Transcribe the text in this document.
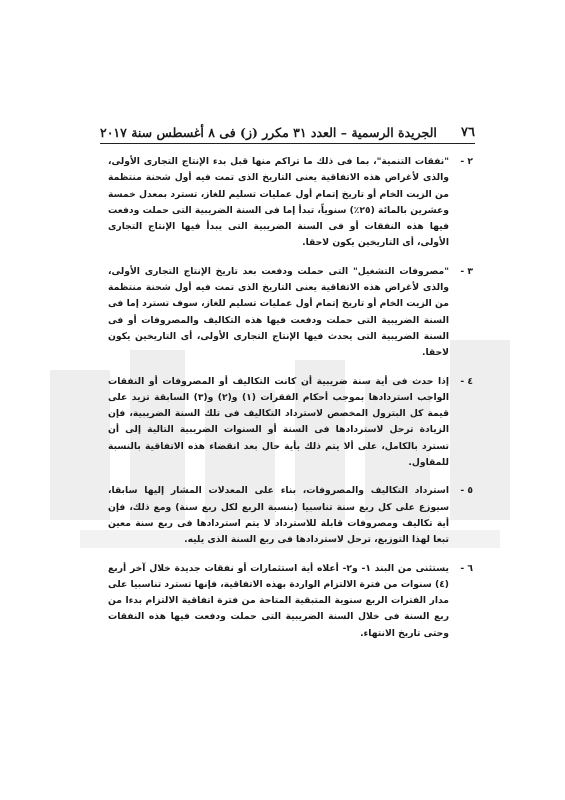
٧٦
الجريدة الرسمية – العدد ٣١ مكرر (ز) فى ٨ أغسطس سنة ٢٠١٧
٢ -
"نفقات التنمية"، بما فى ذلك ما تراكم منها قبل بدء الإنتاج التجارى الأولى، والذى لأغراض هذه الاتفاقية يعنى التاريخ الذى تمت فيه أول شحنة منتظمة من الزيت الخام أو تاريخ إتمام أول عمليات تسليم للغاز، تسترد بمعدل خمسة وعشرين بالمائة (٢٥٪) سنوياً، تبدأ إما فى السنة الضريبية التى حملت ودفعت فيها هذه النفقات أو فى السنة الضريبية التى يبدأ فيها الإنتاج التجارى الأولى، أى التاريخين يكون لاحقا.
٣ -
"مصروفات التشغيل" التى حملت ودفعت بعد تاريخ الإنتاج التجارى الأولى، والذى لأغراض هذه الاتفاقية يعنى التاريخ الذى تمت فيه أول شحنة منتظمة من الزيت الخام أو تاريخ إتمام أول عمليات تسليم للغاز، سوف تسترد إما فى السنة الضريبية التى حملت ودفعت فيها هذه التكاليف والمصروفات أو فى السنة الضريبية التى يحدث فيها الإنتاج التجارى الأولى، أى التاريخين يكون لاحقا.
٤ -
إذا حدث فى أية سنة ضريبية أن كانت التكاليف أو المصروفات أو النفقات الواجب استردادها بموجب أحكام الفقرات (١) و(٢) و(٣) السابقة تزيد على قيمة كل البترول المخصص لاسترداد التكاليف فى تلك السنة الضريبية، فإن الزيادة ترحل لاستردادها فى السنة أو السنوات الضريبية التالية إلى أن تسترد بالكامل، على ألا يتم ذلك بأية حال بعد انقضاء هذه الاتفاقية بالنسبة للمقاول.
٥ -
استرداد التكاليف والمصروفات، بناء على المعدلات المشار إليها سابقا، سيوزع على كل ربع سنة تناسبيا (بنسبة الربع لكل ربع سنة) ومع ذلك، فإن أية تكاليف ومصروفات قابلة للاسترداد لا يتم استردادها فى ربع سنة معين تبعا لهذا التوزيع، ترحل لاستردادها فى ربع السنة الذى يليه.
٦ -
يستثنى من البند ١- و٢- أعلاه أية استثمارات أو نفقات جديدة خلال آخر أربع (٤) سنوات من فترة الالتزام الواردة بهذه الاتفاقية، فإنها تسترد تناسبيا على مدار الفترات الربع سنوية المتبقية المتاحة من فترة اتفاقية الالتزام بدءا من ربع السنة فى خلال السنة الضريبية التى حملت ودفعت فيها هذه النفقات وحتى تاريخ الانتهاء.
